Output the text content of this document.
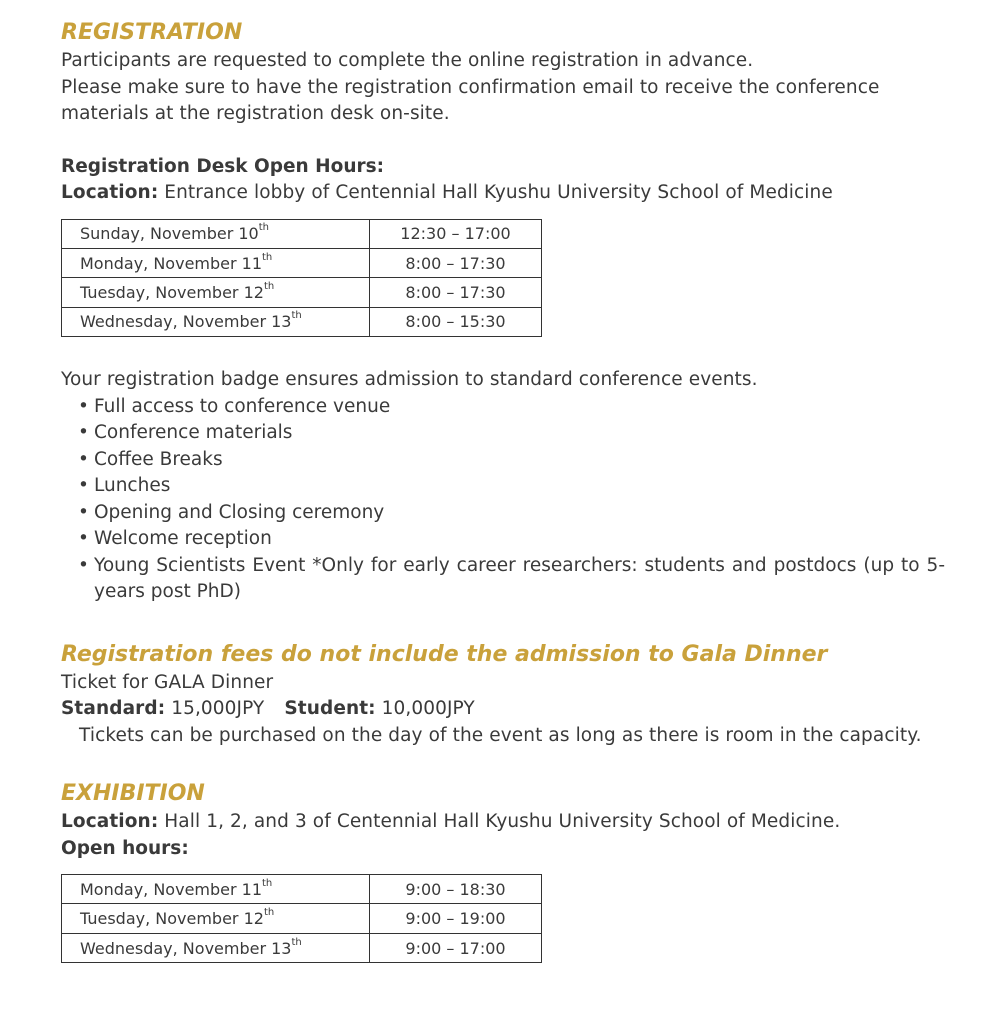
REGISTRATION

Participants are requested to complete the online registration in advance.

Please make sure to have the registration confirmation email to receive the conference materials at the registration desk on-site.

Registration Desk Open Hours:

Location: Entrance lobby of Centennial Hall Kyushu University School of Medicine

Sunday, November 10th	12:30 – 17:00
Monday, November 11th	8:00 – 17:30
Tuesday, November 12th	8:00 – 17:30
Wednesday, November 13th	8:00 – 15:30

Your registration badge ensures admission to standard conference events.

• Full access to conference venue
• Conference materials
• Coffee Breaks
• Lunches
• Opening and Closing ceremony
• Welcome reception
• Young Scientists Event *Only for early career researchers: students and postdocs (up to 5-years post PhD)
Registration fees do not include the admission to Gala Dinner

Ticket for GALA Dinner

Standard: 15,000JPY Student: 10,000JPY

Tickets can be purchased on the day of the event as long as there is room in the capacity.

EXHIBITION

Location: Hall 1, 2, and 3 of Centennial Hall Kyushu University School of Medicine.

Open hours:

Monday, November 11th	9:00 – 18:30
Tuesday, November 12th	9:00 – 19:00
Wednesday, November 13th	9:00 – 17:00
